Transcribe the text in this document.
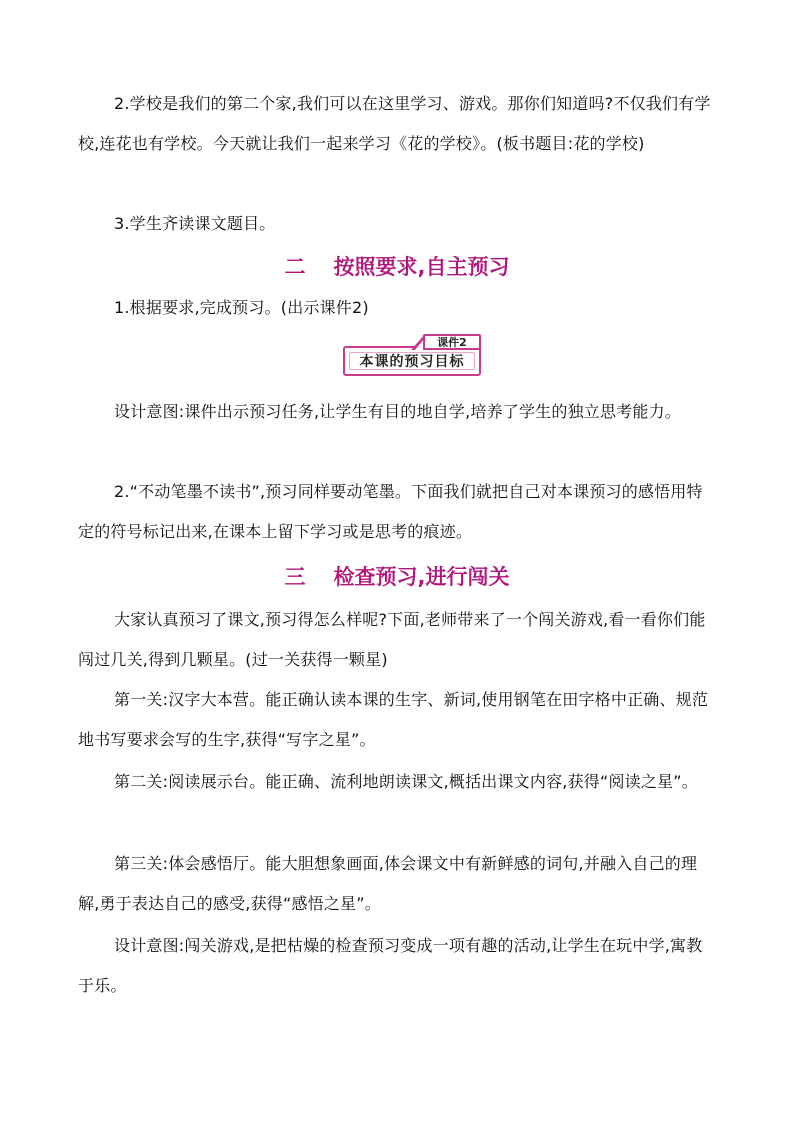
2.学校是我们的第二个家,我们可以在这里学习、游戏。那你们知道吗?不仅我们有学校,连花也有学校。今天就让我们一起来学习《花的学校》。(板书题目:花的学校)

3.学生齐读课文题目。

二 按照要求,自主预习

1.根据要求,完成预习。(出示课件2)

本课的预习目标
课件2

设计意图:课件出示预习任务,让学生有目的地自学,培养了学生的独立思考能力。

2.“不动笔墨不读书”,预习同样要动笔墨。下面我们就把自己对本课预习的感悟用特定的符号标记出来,在课本上留下学习或是思考的痕迹。

三 检查预习,进行闯关

大家认真预习了课文,预习得怎么样呢?下面,老师带来了一个闯关游戏,看一看你们能闯过几关,得到几颗星。(过一关获得一颗星)

第一关:汉字大本营。能正确认读本课的生字、新词,使用钢笔在田字格中正确、规范地书写要求会写的生字,获得“写字之星”。

第二关:阅读展示台。能正确、流利地朗读课文,概括出课文内容,获得“阅读之星”。

第三关:体会感悟厅。能大胆想象画面,体会课文中有新鲜感的词句,并融入自己的理解,勇于表达自己的感受,获得“感悟之星”。

设计意图:闯关游戏,是把枯燥的检查预习变成一项有趣的活动,让学生在玩中学,寓教于乐。
